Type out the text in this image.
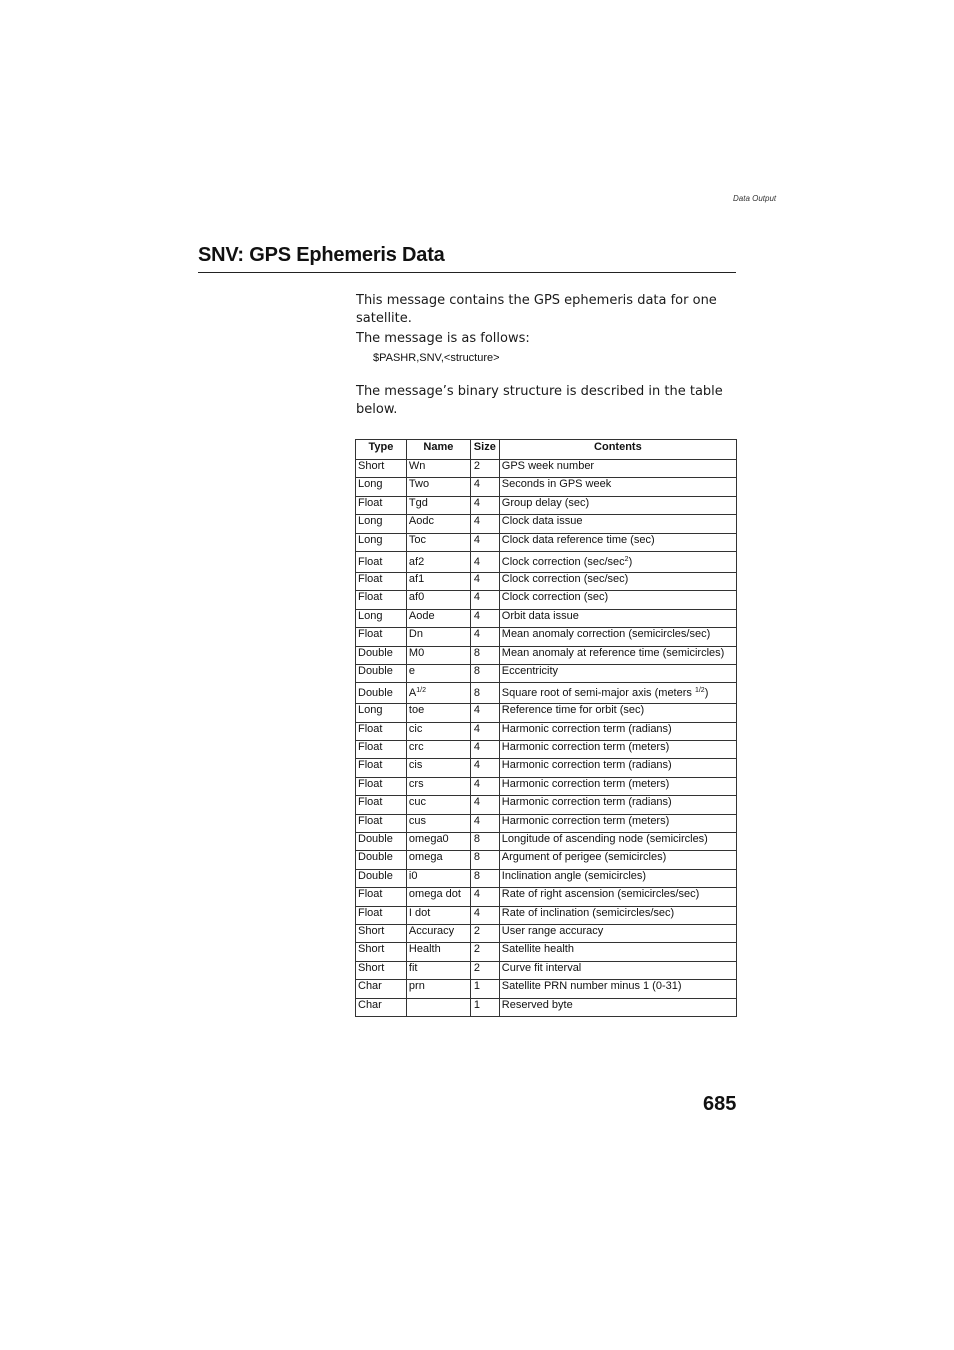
Data Output
SNV: GPS Ephemeris Data

This message contains the GPS ephemeris data for one satellite.

The message is as follows:

$PASHR,SNV,<structure>

The message’s binary structure is described in the table below.

Type	Name	Size	Contents
Short	Wn	2	GPS week number
Long	Two	4	Seconds in GPS week
Float	Tgd	4	Group delay (sec)
Long	Aodc	4	Clock data issue
Long	Toc	4	Clock data reference time (sec)
Float	af2	4	Clock correction $(\sec/\sec^2)$
Float	af1	4	Clock correction (sec/sec)
Float	af0	4	Clock correction (sec)
Long	Aode	4	Orbit data issue
Float	Dn	4	Mean anomaly correction (semicircles/sec)
Double	M0	8	Mean anomaly at reference time (semicircles)
Double	e	8	Eccentricity
Double	$A^{1/2}$	8	Square root of semi-major axis (meters $^{1/2}$)
Long	toe	4	Reference time for orbit (sec)
Float	cic	4	Harmonic correction term (radians)
Float	crc	4	Harmonic correction term (meters)
Float	cis	4	Harmonic correction term (radians)
Float	crs	4	Harmonic correction term (meters)
Float	cuc	4	Harmonic correction term (radians)
Float	cus	4	Harmonic correction term (meters)
Double	omega0	8	Longitude of ascending node (semicircles)
Double	omega	8	Argument of perigee (semicircles)
Double	i0	8	Inclination angle (semicircles)
Float	omega dot	4	Rate of right ascension (semicircles/sec)
Float	I dot	4	Rate of inclination (semicircles/sec)
Short	Accuracy	2	User range accuracy
Short	Health	2	Satellite health
Short	fit	2	Curve fit interval
Char	prn	1	Satellite PRN number minus 1 (0-31)
Char		1	Reserved byte
685
